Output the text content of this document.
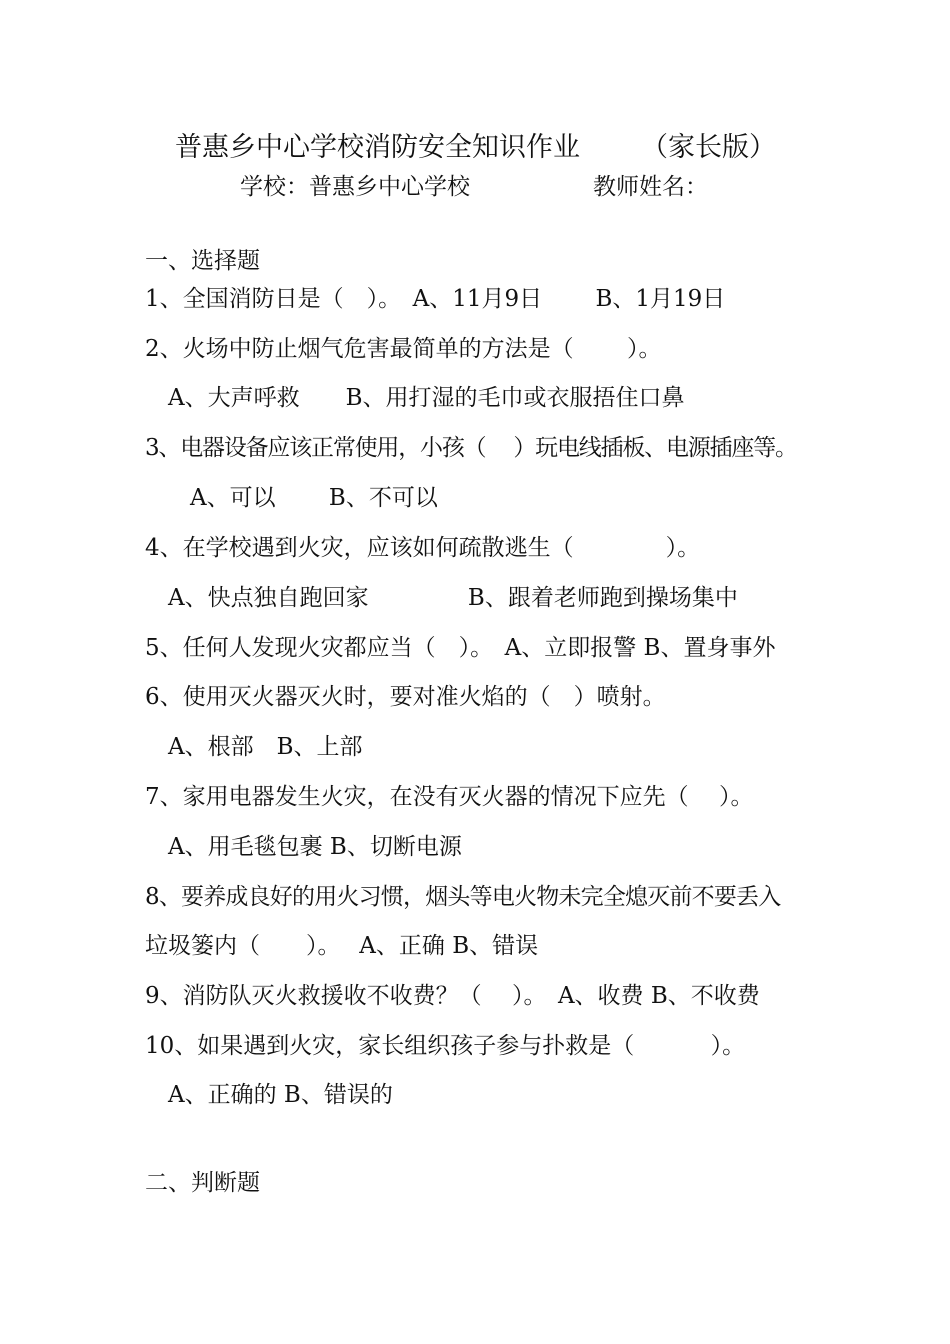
普惠乡中心学校消防安全知识作业 （家长版）
学校：普惠乡中心学校	教师姓名：
一、选择题
1、全国消防日是（　）。　A、11月9日　　 B、1月19日
2、火场中防止烟气危害最简单的方法是（　　 ）。
A、大声呼救　　B、用打湿的毛巾或衣服捂住口鼻
3、电器设备应该正常使用，小孩（　 ）玩电线插板、电源插座等。
A、可以　　 B、不可以
4、在学校遇到火灾，应该如何疏散逃生（　　　　）。
A、快点独自跑回家　　　　 B、跟着老师跑到操场集中
5、任何人发现火灾都应当（　）。　A、立即报警 B、置身事外
6、使用灭火器灭火时，要对准火焰的（　）喷射。
A、根部　B、上部
7、家用电器发生火灾，在没有灭火器的情况下应先（　 ）。
A、用毛毯包裹 B、切断电源
8、要养成良好的用火习惯，烟头等电火物未完全熄灭前不要丢入
垃圾篓内（　　）。　 A、正确 B、错误
9、消防队灭火救援收不收费？（　 ）。　A、收费 B、不收费
10、如果遇到火灾，家长组织孩子参与扑救是（　　　 ）。
A、正确的 B、错误的
二、判断题
